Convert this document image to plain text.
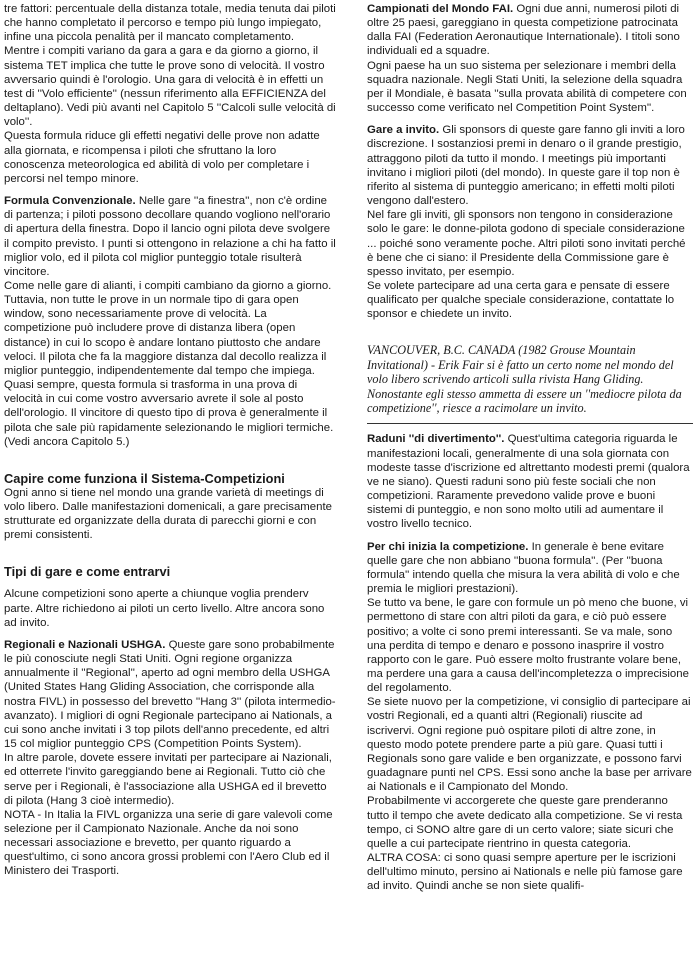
tre fattori: percentuale della distanza totale, media tenuta dai piloti che hanno completato il percorso e tempo più lungo impiegato, infine una piccola penalità per il mancato completamento.

Mentre i compiti variano da gara a gara e da giorno a giorno, il sistema TET implica che tutte le prove sono di velocità. Il vostro avversario quindi è l'orologio. Una gara di velocità è in effetti un test di ''Volo efficiente'' (nessun riferimento alla EFFICIENZA del deltaplano). Vedi più avanti nel Capitolo 5 ''Calcoli sulle velocità di volo''.

Questa formula riduce gli effetti negativi delle prove non adatte alla giornata, e ricompensa i piloti che sfruttano la loro conoscenza meteorologica ed abilità di volo per completare i percorsi nel tempo minore.

Formula Convenzionale. Nelle gare ''a finestra'', non c'è ordine di partenza; i piloti possono decollare quando vogliono nell'orario di apertura della finestra. Dopo il lancio ogni pilota deve svolgere il compito previsto. I punti si ottengono in relazione a chi ha fatto il miglior volo, ed il pilota col miglior punteggio totale risulterà vincitore.

Come nelle gare di alianti, i compiti cambiano da giorno a giorno. Tuttavia, non tutte le prove in un normale tipo di gara open window, sono necessariamente prove di velocità. La competizione può includere prove di distanza libera (open distance) in cui lo scopo è andare lontano piuttosto che andare veloci. Il pilota che fa la maggiore distanza dal decollo realizza il miglior punteggio, indipendentemente dal tempo che impiega. Quasi sempre, questa formula si trasforma in una prova di velocità in cui come vostro avversario avrete il sole al posto dell'orologio. Il vincitore di questo tipo di prova è generalmente il pilota che sale più rapidamente selezionando le migliori termiche. (Vedi ancora Capitolo 5.)

Capire come funziona il Sistema-Competizioni

Ogni anno si tiene nel mondo una grande varietà di meetings di volo libero. Dalle manifestazioni domenicali, a gare precisamente strutturate ed organizzate della durata di parecchi giorni e con premi consistenti.

Tipi di gare e come entrarvi

Alcune competizioni sono aperte a chiunque voglia prenderv parte. Altre richiedono ai piloti un certo livello. Altre ancora sono ad invito.

Regionali e Nazionali USHGA. Queste gare sono probabilmente le più conosciute negli Stati Uniti. Ogni regione organizza annualmente il ''Regional'', aperto ad ogni membro della USHGA (United States Hang Gliding Association, che corrisponde alla nostra FIVL) in possesso del brevetto ''Hang 3'' (pilota intermedio-avanzato). I migliori di ogni Regionale partecipano ai Nationals, a cui sono anche invitati i 3 top pilots dell'anno precedente, ed altri 15 col miglior punteggio CPS (Competition Points System).

In altre parole, dovete essere invitati per partecipare ai Nazionali, ed otterrete l'invito gareggiando bene ai Regionali. Tutto ciò che serve per i Regionali, è l'associazione alla USHGA ed il brevetto di pilota (Hang 3 cioè intermedio).

NOTA - In Italia la FIVL organizza una serie di gare valevoli come selezione per il Campionato Nazionale. Anche da noi sono necessari associazione e brevetto, per quanto riguardo a quest'ultimo, ci sono ancora grossi problemi con l'Aero Club ed il Ministero dei Trasporti.

Campionati del Mondo FAI. Ogni due anni, numerosi piloti di oltre 25 paesi, gareggiano in questa competizione patrocinata dalla FAI (Federation Aeronautique Internationale). I titoli sono individuali ed a squadre.

Ogni paese ha un suo sistema per selezionare i membri della squadra nazionale. Negli Stati Uniti, la selezione della squadra per il Mondiale, è basata ''sulla provata abilità di competere con successo come verificato nel Competition Point System''.

Gare a invito. Gli sponsors di queste gare fanno gli inviti a loro discrezione. I sostanziosi premi in denaro o il grande prestigio, attraggono piloti da tutto il mondo. I meetings più importanti invitano i migliori piloti (del mondo). In queste gare il top non è riferito al sistema di punteggio americano; in effetti molti piloti vengono dall'estero.

Nel fare gli inviti, gli sponsors non tengono in considerazione solo le gare: le donne-pilota godono di speciale considerazione ... poiché sono veramente poche. Altri piloti sono invitati perché è bene che ci siano: il Presidente della Commissione gare è spesso invitato, per esempio.

Se volete partecipare ad una certa gara e pensate di essere qualificato per qualche speciale considerazione, contattate lo sponsor e chiedete un invito.

VANCOUVER, B.C. CANADA (1982 Grouse Mountain Invitational) - Erik Fair si è fatto un certo nome nel mondo del volo libero scrivendo articoli sulla rivista Hang Gliding. Nonostante egli stesso ammetta di essere un ''mediocre pilota da competizione'', riesce a racimolare un invito.

Raduni ''di divertimento''. Quest'ultima categoria riguarda le manifestazioni locali, generalmente di una sola giornata con modeste tasse d'iscrizione ed altrettanto modesti premi (qualora ve ne siano). Questi raduni sono più feste sociali che non competizioni. Raramente prevedono valide prove e buoni sistemi di punteggio, e non sono molto utili ad aumentare il vostro livello tecnico.

Per chi inizia la competizione. In generale è bene evitare quelle gare che non abbiano ''buona formula''. (Per ''buona formula'' intendo quella che misura la vera abilità di volo e che premia le migliori prestazioni).

Se tutto va bene, le gare con formule un pò meno che buone, vi permettono di stare con altri piloti da gara, e ciò può essere positivo; a volte ci sono premi interessanti. Se va male, sono una perdita di tempo e denaro e possono inasprire il vostro rapporto con le gare. Può essere molto frustrante volare bene, ma perdere una gara a causa dell'incompletezza o imprecisione del regolamento.

Se siete nuovo per la competizione, vi consiglio di partecipare ai vostri Regionali, ed a quanti altri (Regionali) riuscite ad iscrivervi. Ogni regione può ospitare piloti di altre zone, in questo modo potete prendere parte a più gare. Quasi tutti i Regionals sono gare valide e ben organizzate, e possono farvi guadagnare punti nel CPS. Essi sono anche la base per arrivare ai Nationals e il Campionato del Mondo.

Probabilmente vi accorgerete che queste gare prenderanno tutto il tempo che avete dedicato alla competizione. Se vi resta tempo, ci SONO altre gare di un certo valore; siate sicuri che quelle a cui partecipate rientrino in questa categoria.

ALTRA COSA: ci sono quasi sempre aperture per le iscrizioni dell'ultimo minuto, persino ai Nationals e nelle più famose gare ad invito. Quindi anche se non siete qualifi-
